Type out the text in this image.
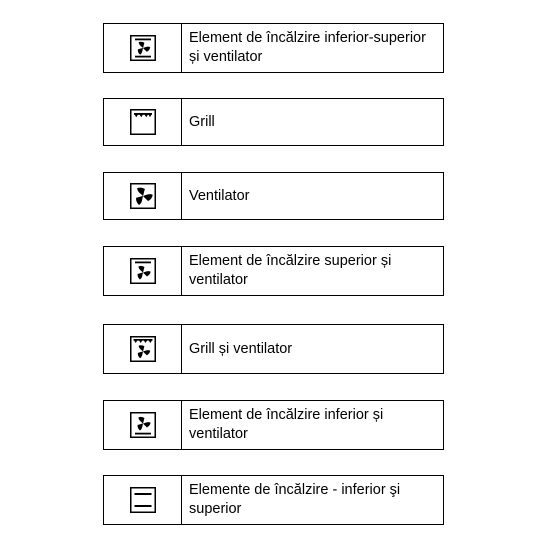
Element de încălzire inferior-superior și ventilator
Grill
Ventilator
Element de încălzire superior și ventilator
Grill și ventilator
Element de încălzire inferior și ventilator
Elemente de încălzire - inferior şi superior
